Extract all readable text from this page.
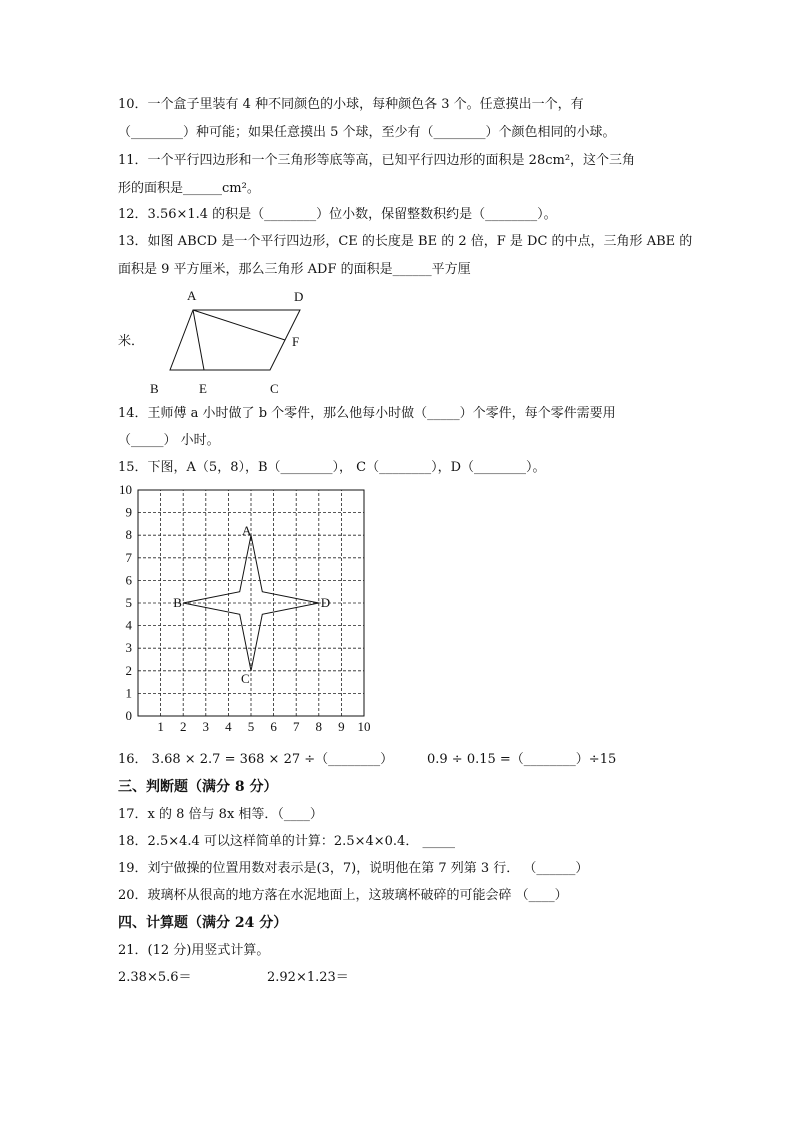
10．一个盒子里装有 4 种不同颜色的小球，每种颜色各 3 个。任意摸出一个，有
（________）种可能；如果任意摸出 5 个球，至少有（________）个颜色相同的小球。
11．一个平行四边形和一个三角形等底等高，已知平行四边形的面积是 28cm²，这个三角
形的面积是______cm²。
12．3.56×1.4 的积是（________）位小数，保留整数积约是（________）。
13．如图 ABCD 是一个平行四边形，CE 的长度是 BE 的 2 倍，F 是 DC 的中点，三角形 ABE 的
面积是 9 平方厘米，那么三角形 ADF 的面积是______平方厘
米．
A	D
F
B	E	C
14．王师傅 a 小时做了 b 个零件，那么他每小时做（_____）个零件，每个零件需要用
（_____） 小时。
15．下图，A（5，8），B（________）， C（________），D（________）。
1 2 3 4 5 6 7 8 9 10
0
1
2
3
4
5
6
7
8
9
10
A
B
C
D
16． 3.68 × 2.7 = 368 × 27 ÷（________）	0.9 ÷ 0.15 =（________）÷15
三、判断题（满分 8 分）
17．x 的 8 倍与 8x 相等．（____）
18．2.5×4.4 可以这样简单的计算：2.5×4×0.4． _____
19．刘宁做操的位置用数对表示是(3，7)，说明他在第 7 列第 3 行． （______）
20．玻璃杯从很高的地方落在水泥地面上，这玻璃杯破碎的可能会碎 （____）
四、计算题（满分 24 分）
21．(12 分)用竖式计算。
2.38×5.6＝	2.92×1.23＝
